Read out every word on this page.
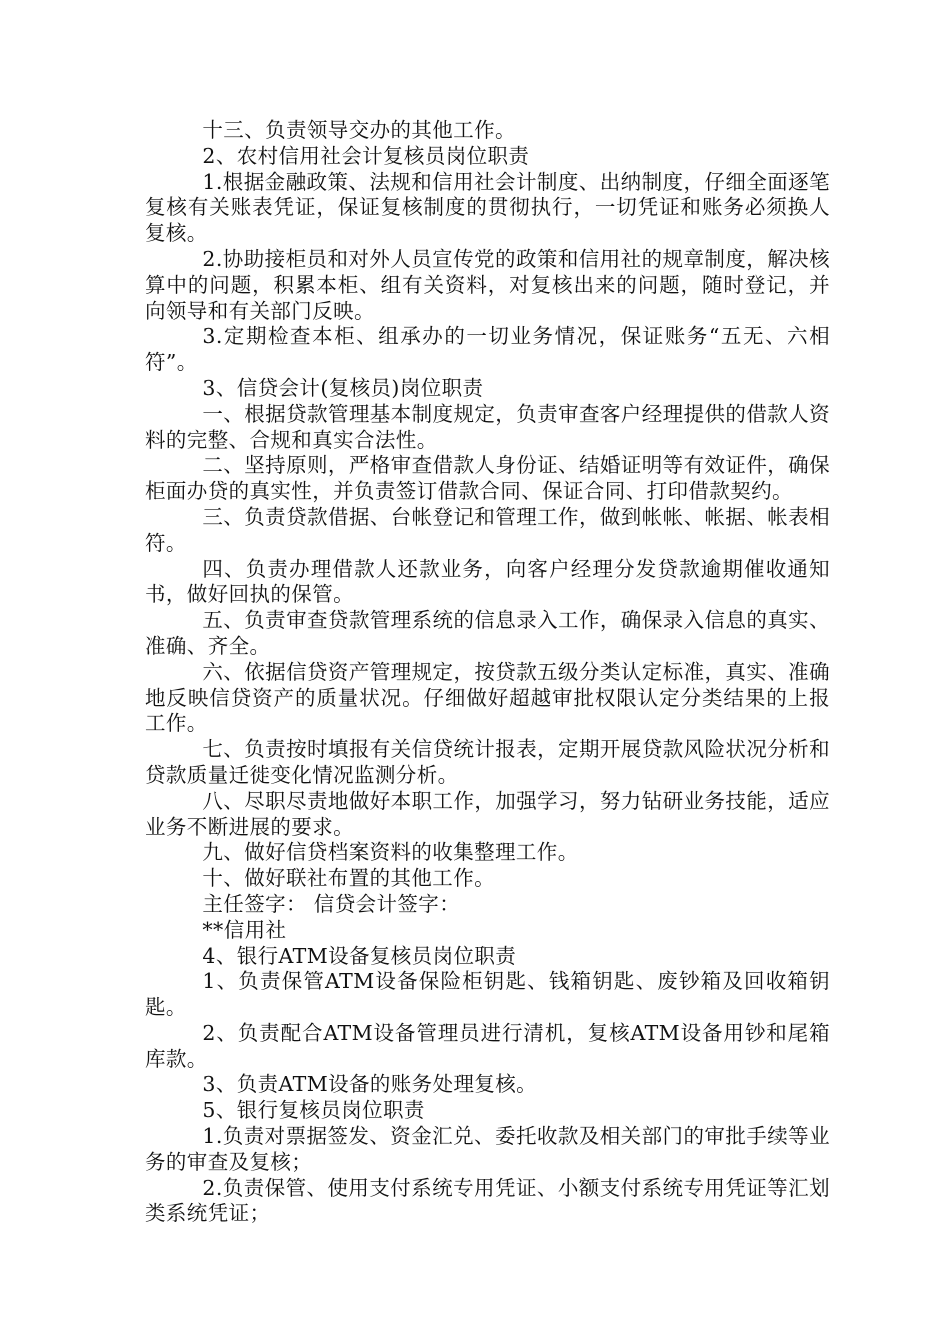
十三、负责领导交办的其他工作。

2、农村信用社会计复核员岗位职责

1.根据金融政策、法规和信用社会计制度、出纳制度，仔细全面逐笔复核有关账表凭证，保证复核制度的贯彻执行，一切凭证和账务必须换人复核。

2.协助接柜员和对外人员宣传党的政策和信用社的规章制度，解决核算中的问题，积累本柜、组有关资料，对复核出来的问题，随时登记，并向领导和有关部门反映。

3.定期检查本柜、组承办的一切业务情况，保证账务“五无、六相符”。

3、信贷会计(复核员)岗位职责

一、根据贷款管理基本制度规定，负责审查客户经理提供的借款人资料的完整、合规和真实合法性。

二、坚持原则，严格审查借款人身份证、结婚证明等有效证件，确保柜面办贷的真实性，并负责签订借款合同、保证合同、打印借款契约。

三、负责贷款借据、台帐登记和管理工作，做到帐帐、帐据、帐表相符。

四、负责办理借款人还款业务，向客户经理分发贷款逾期催收通知书，做好回执的保管。

五、负责审查贷款管理系统的信息录入工作，确保录入信息的真实、准确、齐全。

六、依据信贷资产管理规定，按贷款五级分类认定标准，真实、准确地反映信贷资产的质量状况。仔细做好超越审批权限认定分类结果的上报工作。

七、负责按时填报有关信贷统计报表，定期开展贷款风险状况分析和贷款质量迁徙变化情况监测分析。

八、尽职尽责地做好本职工作，加强学习，努力钻研业务技能，适应业务不断进展的要求。

九、做好信贷档案资料的收集整理工作。

十、做好联社布置的其他工作。

主任签字： 信贷会计签字：

**信用社

4、银行ATM设备复核员岗位职责

1、负责保管ATM设备保险柜钥匙、钱箱钥匙、废钞箱及回收箱钥匙。

2、负责配合ATM设备管理员进行清机，复核ATM设备用钞和尾箱库款。

3、负责ATM设备的账务处理复核。

5、银行复核员岗位职责

1.负责对票据签发、资金汇兑、委托收款及相关部门的审批手续等业务的审查及复核；

2.负责保管、使用支付系统专用凭证、小额支付系统专用凭证等汇划类系统凭证；
